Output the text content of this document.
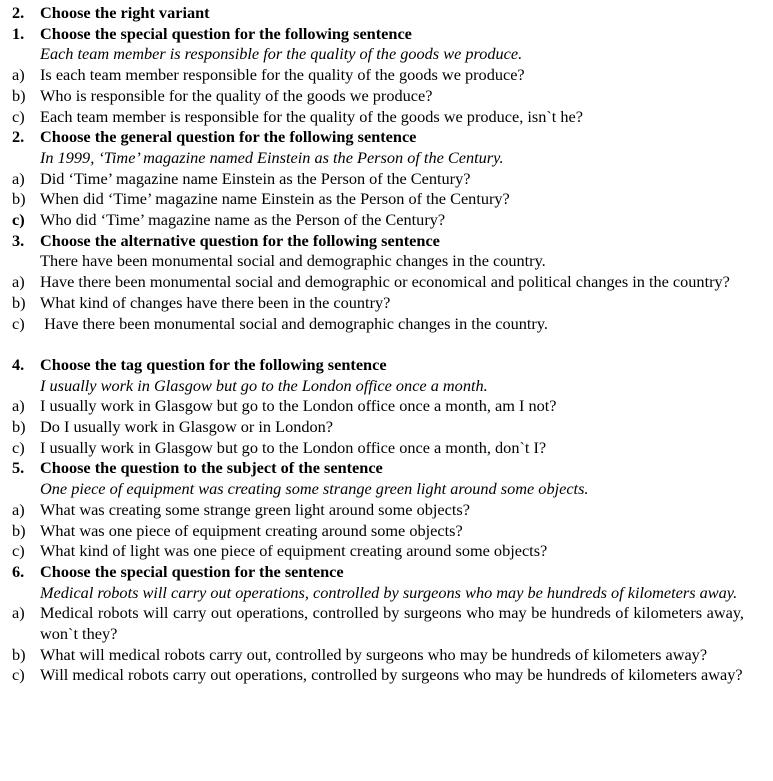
2. Choose the right variant
1. Choose the special question for the following sentence
Each team member is responsible for the quality of the goods we produce.
a) Is each team member responsible for the quality of the goods we produce?
b) Who is responsible for the quality of the goods we produce?
c) Each team member is responsible for the quality of the goods we produce, isn`t he?
2. Choose the general question for the following sentence
In 1999, ‘Time’ magazine named Einstein as the Person of the Century.
a) Did ‘Time’ magazine name Einstein as the Person of the Century?
b) When did ‘Time’ magazine name Einstein as the Person of the Century?
c) Who did ‘Time’ magazine name as the Person of the Century?
3. Choose the alternative question for the following sentence
There have been monumental social and demographic changes in the country.
a) Have there been monumental social and demographic or economical and political changes in the country?
b) What kind of changes have there been in the country?
c) Have there been monumental social and demographic changes in the country.
4. Choose the tag question for the following sentence
I usually work in Glasgow but go to the London office once a month.
a) I usually work in Glasgow but go to the London office once a month, am I not?
b) Do I usually work in Glasgow or in London?
c) I usually work in Glasgow but go to the London office once a month, don`t I?
5. Choose the question to the subject of the sentence
One piece of equipment was creating some strange green light around some objects.
a) What was creating some strange green light around some objects?
b) What was one piece of equipment creating around some objects?
c) What kind of light was one piece of equipment creating around some objects?
6. Choose the special question for the sentence
Medical robots will carry out operations, controlled by surgeons who may be hundreds of kilometers away.
a) Medical robots will carry out operations, controlled by surgeons who may be hundreds of kilometers away, won`t they?
b) What will medical robots carry out, controlled by surgeons who may be hundreds of kilometers away?
c) Will medical robots carry out operations, controlled by surgeons who may be hundreds of kilometers away?
